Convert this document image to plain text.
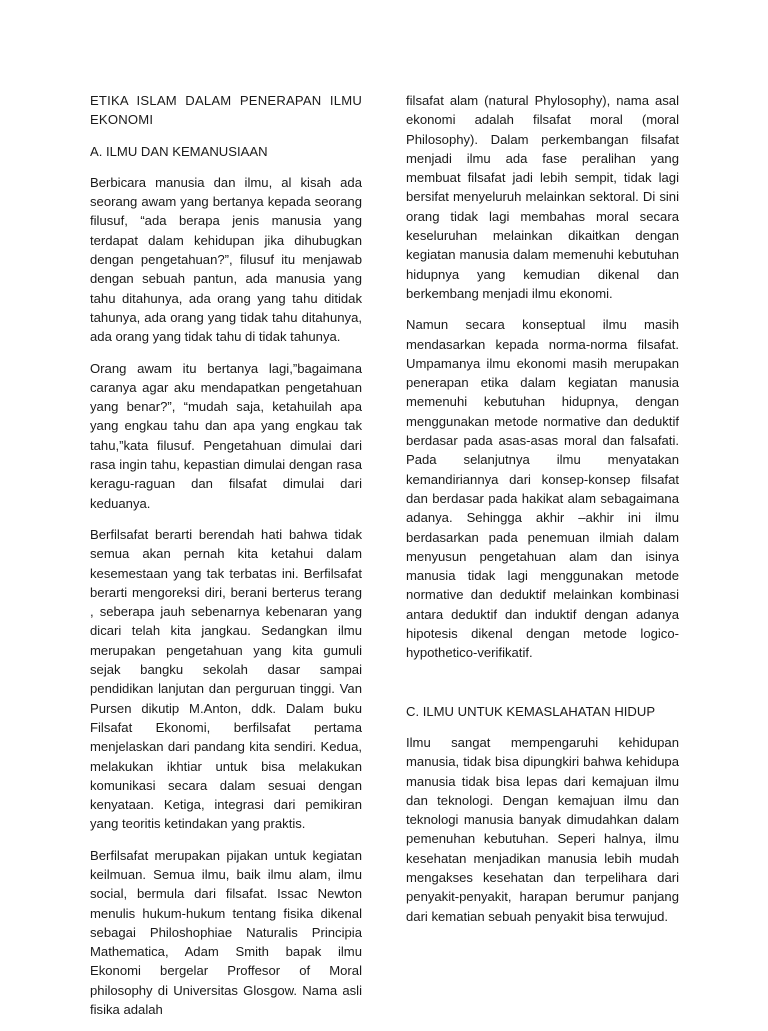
ETIKA ISLAM DALAM PENERAPAN ILMU EKONOMI
A. ILMU DAN KEMANUSIAAN

Berbicara manusia dan ilmu, al kisah ada seorang awam yang bertanya kepada seorang filusuf, “ada berapa jenis manusia yang terdapat dalam kehidupan jika dihubugkan dengan pengetahuan?”, filusuf itu menjawab dengan sebuah pantun, ada manusia yang tahu ditahunya, ada orang yang tahu ditidak tahunya, ada orang yang tidak tahu ditahunya, ada orang yang tidak tahu di tidak tahunya.

Orang awam itu bertanya lagi,”bagaimana caranya agar aku mendapatkan pengetahuan yang benar?”, “mudah saja, ketahuilah apa yang engkau tahu dan apa yang engkau tak tahu,”kata filusuf. Pengetahuan dimulai dari rasa ingin tahu, kepastian dimulai dengan rasa keragu-raguan dan filsafat dimulai dari keduanya.

Berfilsafat berarti berendah hati bahwa tidak semua akan pernah kita ketahui dalam kesemestaan yang tak terbatas ini. Berfilsafat berarti mengoreksi diri, berani berterus terang , seberapa jauh sebenarnya kebenaran yang dicari telah kita jangkau. Sedangkan ilmu merupakan pengetahuan yang kita gumuli sejak bangku sekolah dasar sampai pendidikan lanjutan dan perguruan tinggi. Van Pursen dikutip M.Anton, ddk. Dalam buku Filsafat Ekonomi, berfilsafat pertama menjelaskan dari pandang kita sendiri. Kedua, melakukan ikhtiar untuk bisa melakukan komunikasi secara dalam sesuai dengan kenyataan. Ketiga, integrasi dari pemikiran yang teoritis ketindakan yang praktis.

Berfilsafat merupakan pijakan untuk kegiatan keilmuan. Semua ilmu, baik ilmu alam, ilmu social, bermula dari filsafat. Issac Newton menulis hukum-hukum tentang fisika dikenal sebagai Philoshophiae Naturalis Principia Mathematica, Adam Smith bapak ilmu Ekonomi bergelar Proffesor of Moral philosophy di Universitas Glosgow. Nama asli fisika adalah

filsafat alam (natural Phylosophy), nama asal ekonomi adalah filsafat moral (moral Philosophy). Dalam perkembangan filsafat menjadi ilmu ada fase peralihan yang membuat filsafat jadi lebih sempit, tidak lagi bersifat menyeluruh melainkan sektoral. Di sini orang tidak lagi membahas moral secara keseluruhan melainkan dikaitkan dengan kegiatan manusia dalam memenuhi kebutuhan hidupnya yang kemudian dikenal dan berkembang menjadi ilmu ekonomi.

Namun secara konseptual ilmu masih mendasarkan kepada norma-norma filsafat. Umpamanya ilmu ekonomi masih merupakan penerapan etika dalam kegiatan manusia memenuhi kebutuhan hidupnya, dengan menggunakan metode normative dan deduktif berdasar pada asas-asas moral dan falsafati. Pada selanjutnya ilmu menyatakan kemandiriannya dari konsep-konsep filsafat dan berdasar pada hakikat alam sebagaimana adanya. Sehingga akhir –akhir ini ilmu berdasarkan pada penemuan ilmiah dalam menyusun pengetahuan alam dan isinya manusia tidak lagi menggunakan metode normative dan deduktif melainkan kombinasi antara deduktif dan induktif dengan adanya hipotesis dikenal dengan metode logico-hypothetico-verifikatif.

C. ILMU UNTUK KEMASLAHATAN HIDUP

Ilmu sangat mempengaruhi kehidupan manusia, tidak bisa dipungkiri bahwa kehidupa manusia tidak bisa lepas dari kemajuan ilmu dan teknologi. Dengan kemajuan ilmu dan teknologi manusia banyak dimudahkan dalam pemenuhan kebutuhan. Seperi halnya, ilmu kesehatan menjadikan manusia lebih mudah mengakses kesehatan dan terpelihara dari penyakit-penyakit, harapan berumur panjang dari kematian sebuah penyakit bisa terwujud.
